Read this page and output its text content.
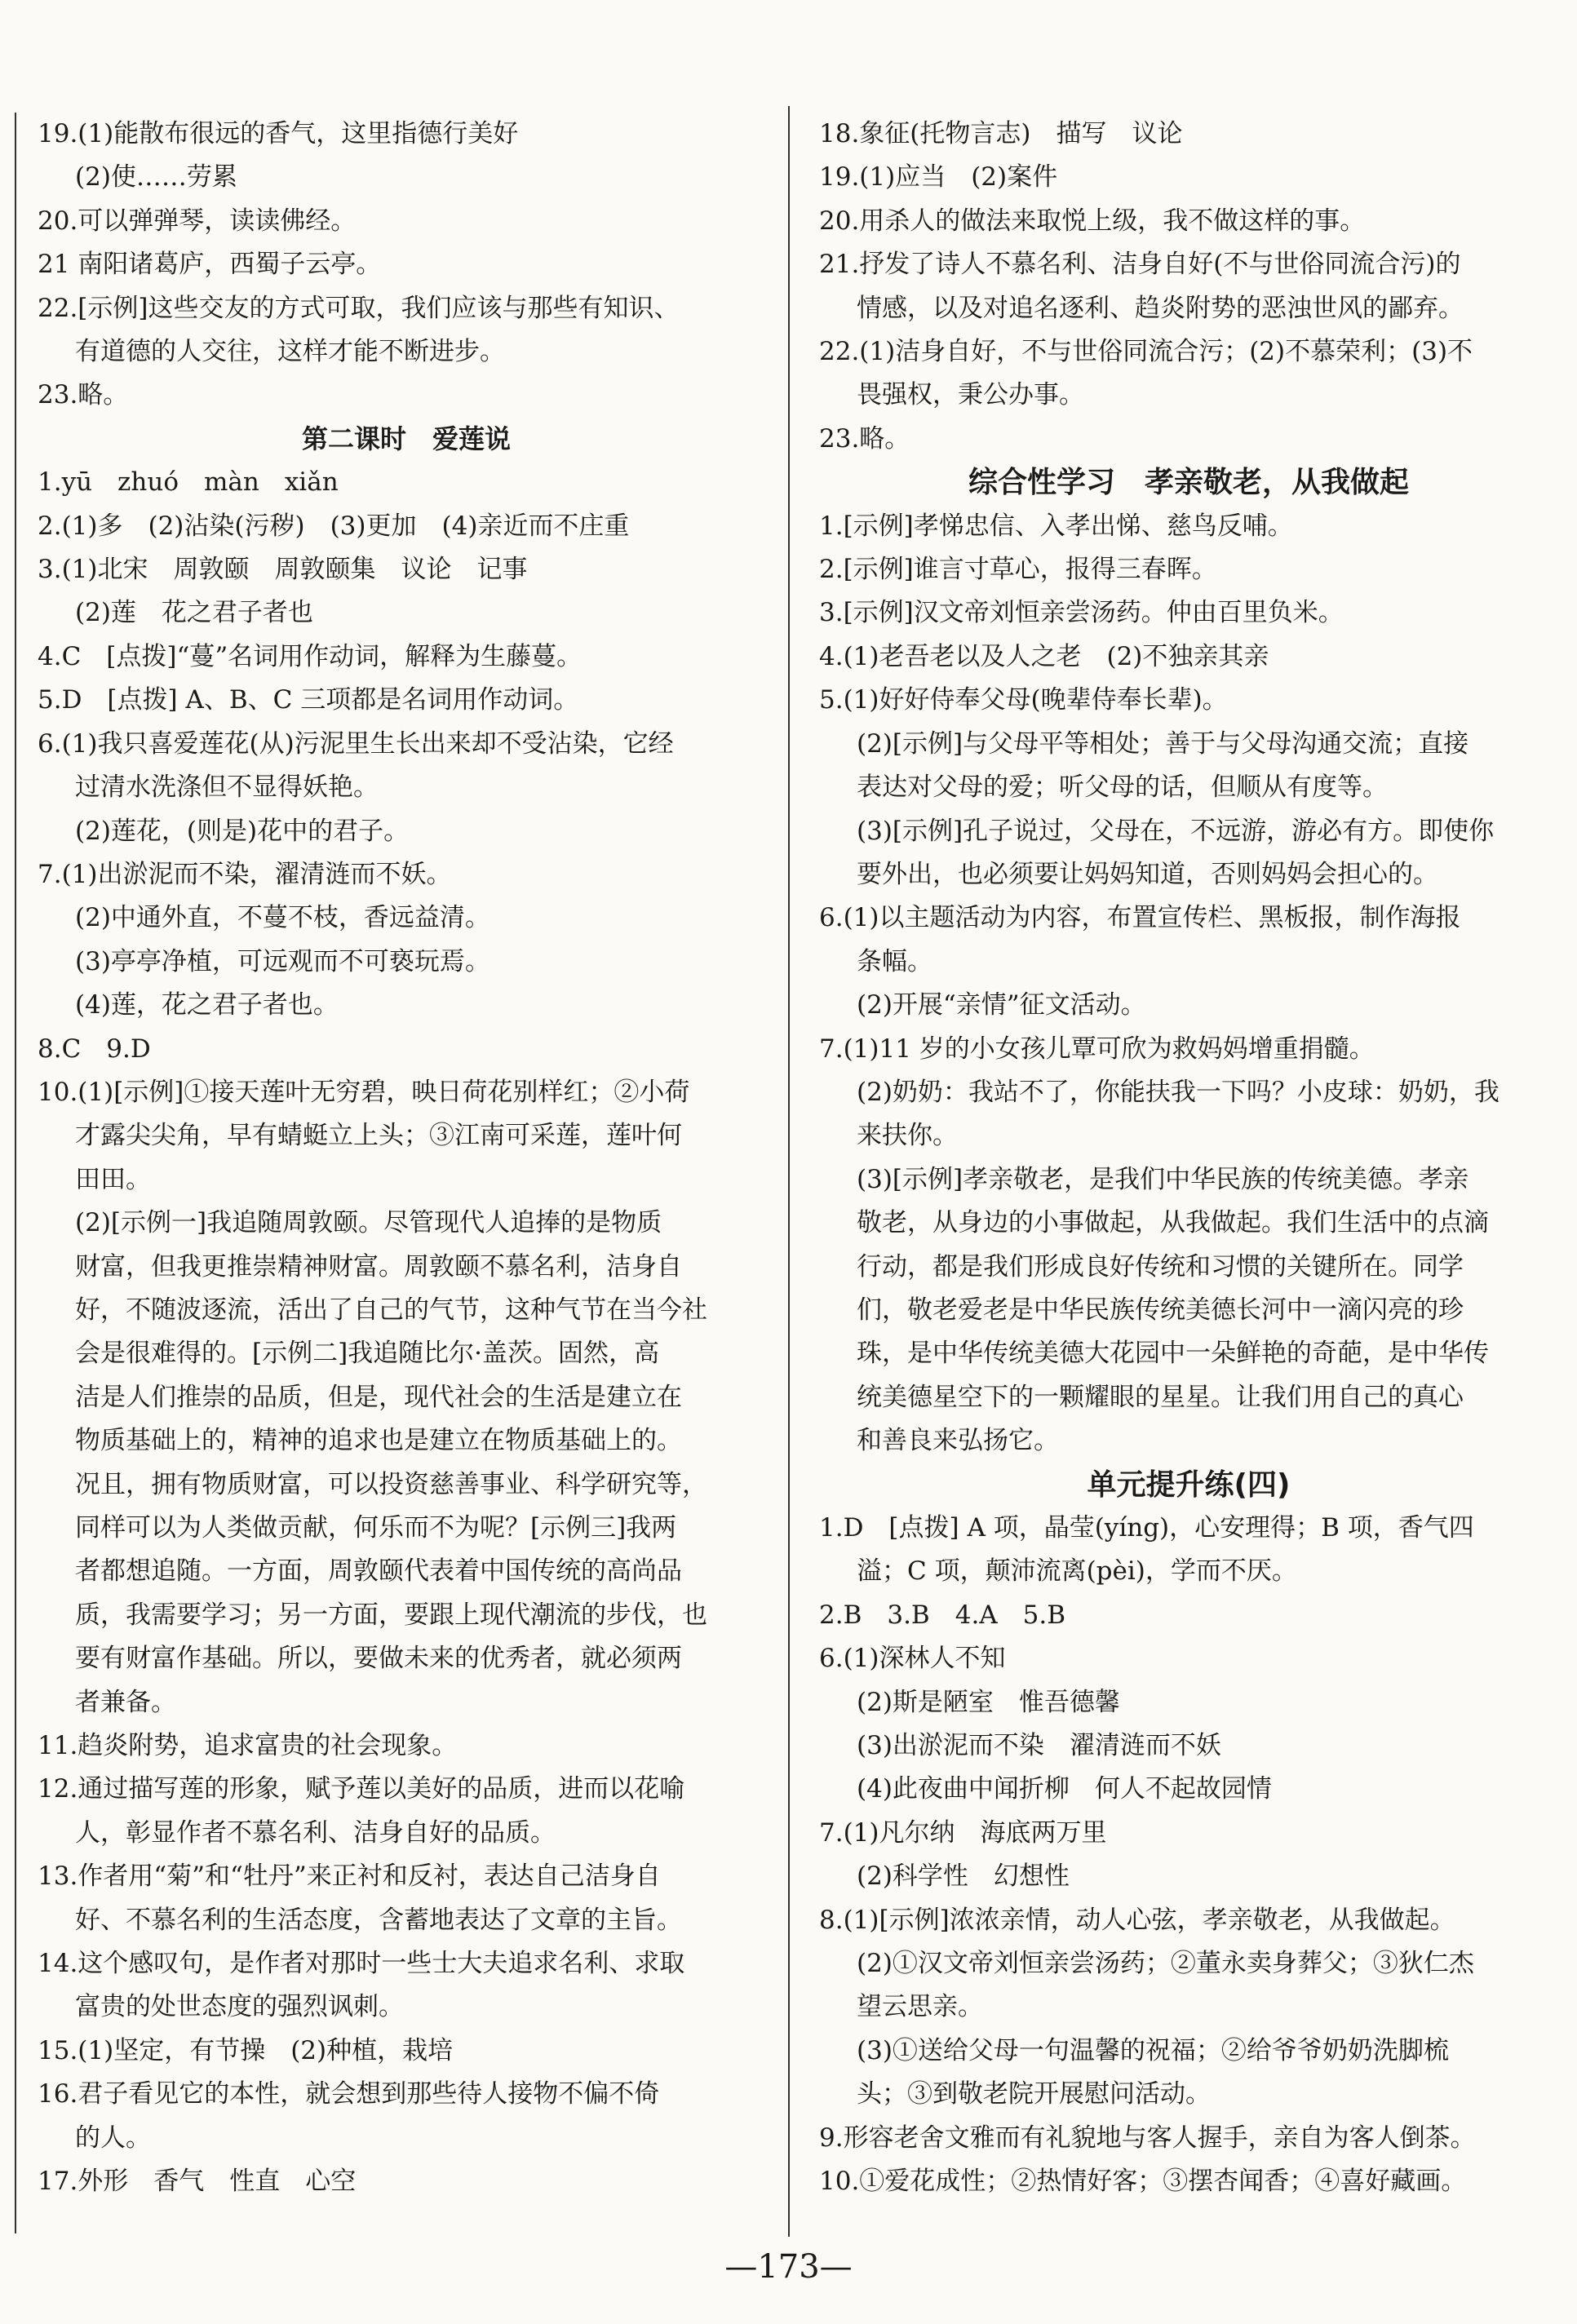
19.(1)能散布很远的香气，这里指德行美好
(2)使……劳累
20.可以弹弹琴，读读佛经。
21 南阳诸葛庐，西蜀子云亭。
22.[示例]这些交友的方式可取，我们应该与那些有知识、
有道德的人交往，这样才能不断进步。
23.略。
第二课时　爱莲说
1.yū　zhuó　màn　xiǎn
2.(1)多　(2)沾染(污秽)　(3)更加　(4)亲近而不庄重
3.(1)北宋　周敦颐　周敦颐集　议论　记事
(2)莲　花之君子者也
4.C　[点拨]“蔓”名词用作动词，解释为生藤蔓。
5.D　[点拨] A、B、C 三项都是名词用作动词。
6.(1)我只喜爱莲花(从)污泥里生长出来却不受沾染，它经
过清水洗涤但不显得妖艳。
(2)莲花，(则是)花中的君子。
7.(1)出淤泥而不染，濯清涟而不妖。
(2)中通外直，不蔓不枝，香远益清。
(3)亭亭净植，可远观而不可亵玩焉。
(4)莲，花之君子者也。
8.C　9.D
10.(1)[示例]①接天莲叶无穷碧，映日荷花别样红；②小荷
才露尖尖角，早有蜻蜓立上头；③江南可采莲，莲叶何
田田。
(2)[示例一]我追随周敦颐。尽管现代人追捧的是物质
财富，但我更推崇精神财富。周敦颐不慕名利，洁身自
好，不随波逐流，活出了自己的气节，这种气节在当今社
会是很难得的。[示例二]我追随比尔·盖茨。固然，高
洁是人们推崇的品质，但是，现代社会的生活是建立在
物质基础上的，精神的追求也是建立在物质基础上的。
况且，拥有物质财富，可以投资慈善事业、科学研究等，
同样可以为人类做贡献，何乐而不为呢？[示例三]我两
者都想追随。一方面，周敦颐代表着中国传统的高尚品
质，我需要学习；另一方面，要跟上现代潮流的步伐，也
要有财富作基础。所以，要做未来的优秀者，就必须两
者兼备。
11.趋炎附势，追求富贵的社会现象。
12.通过描写莲的形象，赋予莲以美好的品质，进而以花喻
人，彰显作者不慕名利、洁身自好的品质。
13.作者用“菊”和“牡丹”来正衬和反衬，表达自己洁身自
好、不慕名利的生活态度，含蓄地表达了文章的主旨。
14.这个感叹句，是作者对那时一些士大夫追求名利、求取
富贵的处世态度的强烈讽刺。
15.(1)坚定，有节操　(2)种植，栽培
16.君子看见它的本性，就会想到那些待人接物不偏不倚
的人。
17.外形　香气　性直　心空
18.象征(托物言志)　描写　议论
19.(1)应当　(2)案件
20.用杀人的做法来取悦上级，我不做这样的事。
21.抒发了诗人不慕名利、洁身自好(不与世俗同流合污)的
情感，以及对追名逐利、趋炎附势的恶浊世风的鄙弃。
22.(1)洁身自好，不与世俗同流合污；(2)不慕荣利；(3)不
畏强权，秉公办事。
23.略。
综合性学习　孝亲敬老，从我做起
1.[示例]孝悌忠信、入孝出悌、慈鸟反哺。
2.[示例]谁言寸草心，报得三春晖。
3.[示例]汉文帝刘恒亲尝汤药。仲由百里负米。
4.(1)老吾老以及人之老　(2)不独亲其亲
5.(1)好好侍奉父母(晚辈侍奉长辈)。
(2)[示例]与父母平等相处；善于与父母沟通交流；直接
表达对父母的爱；听父母的话，但顺从有度等。
(3)[示例]孔子说过，父母在，不远游，游必有方。即使你
要外出，也必须要让妈妈知道，否则妈妈会担心的。
6.(1)以主题活动为内容，布置宣传栏、黑板报，制作海报
条幅。
(2)开展“亲情”征文活动。
7.(1)11 岁的小女孩儿覃可欣为救妈妈增重捐髓。
(2)奶奶：我站不了，你能扶我一下吗？小皮球：奶奶，我
来扶你。
(3)[示例]孝亲敬老，是我们中华民族的传统美德。孝亲
敬老，从身边的小事做起，从我做起。我们生活中的点滴
行动，都是我们形成良好传统和习惯的关键所在。同学
们，敬老爱老是中华民族传统美德长河中一滴闪亮的珍
珠，是中华传统美德大花园中一朵鲜艳的奇葩，是中华传
统美德星空下的一颗耀眼的星星。让我们用自己的真心
和善良来弘扬它。
单元提升练(四)
1.D　[点拨] A 项，晶莹(yíng)，心安理得；B 项，香气四
溢；C 项，颠沛流离(pèi)，学而不厌。
2.B　3.B　4.A　5.B
6.(1)深林人不知
(2)斯是陋室　惟吾德馨
(3)出淤泥而不染　濯清涟而不妖
(4)此夜曲中闻折柳　何人不起故园情
7.(1)凡尔纳　海底两万里
(2)科学性　幻想性
8.(1)[示例]浓浓亲情，动人心弦，孝亲敬老，从我做起。
(2)①汉文帝刘恒亲尝汤药；②董永卖身葬父；③狄仁杰
望云思亲。
(3)①送给父母一句温馨的祝福；②给爷爷奶奶洗脚梳
头；③到敬老院开展慰问活动。
9.形容老舍文雅而有礼貌地与客人握手，亲自为客人倒茶。
10.①爱花成性；②热情好客；③摆杏闻香；④喜好藏画。
—173—
